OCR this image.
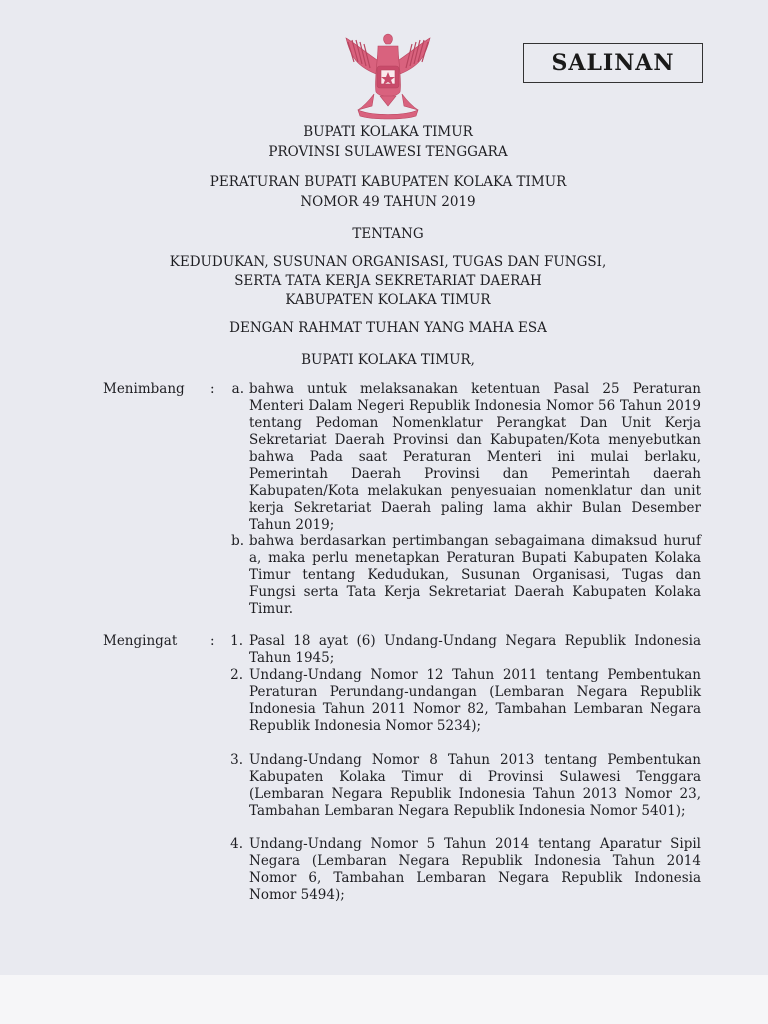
SALINAN
BUPATI KOLAKA TIMUR
PROVINSI SULAWESI TENGGARA
PERATURAN BUPATI KABUPATEN KOLAKA TIMUR
NOMOR 49 TAHUN 2019
TENTANG
KEDUDUKAN, SUSUNAN ORGANISASI, TUGAS DAN FUNGSI,
SERTA TATA KERJA SEKRETARIAT DAERAH
KABUPATEN KOLAKA TIMUR
DENGAN RAHMAT TUHAN YANG MAHA ESA
BUPATI KOLAKA TIMUR,
Menimbang :	a. bahwa untuk melaksanakan ketentuan Pasal 25 Peraturan Menteri Dalam Negeri Republik Indonesia Nomor 56 Tahun 2019 tentang Pedoman Nomenklatur Perangkat Dan Unit Kerja Sekretariat Daerah Provinsi dan Kabupaten/Kota menyebutkan bahwa Pada saat Peraturan Menteri ini mulai berlaku, Pemerintah Daerah Provinsi dan Pemerintah daerah Kabupaten/Kota melakukan penyesuaian nomenklatur dan unit kerja Sekretariat Daerah paling lama akhir Bulan Desember Tahun 2019;
b. bahwa berdasarkan pertimbangan sebagaimana dimaksud huruf a, maka perlu menetapkan Peraturan Bupati Kabupaten Kolaka Timur tentang Kedudukan, Susunan Organisasi, Tugas dan Fungsi serta Tata Kerja Sekretariat Daerah Kabupaten Kolaka Timur.
Mengingat :	1. Pasal 18 ayat (6) Undang-Undang Negara Republik Indonesia Tahun 1945;
2. Undang-Undang Nomor 12 Tahun 2011 tentang Pembentukan Peraturan Perundang-undangan (Lembaran Negara Republik Indonesia Tahun 2011 Nomor 82, Tambahan Lembaran Negara Republik Indonesia Nomor 5234);
3. Undang-Undang Nomor 8 Tahun 2013 tentang Pembentukan Kabupaten Kolaka Timur di Provinsi Sulawesi Tenggara (Lembaran Negara Republik Indonesia Tahun 2013 Nomor 23, Tambahan Lembaran Negara Republik Indonesia Nomor 5401);
4. Undang-Undang Nomor 5 Tahun 2014 tentang Aparatur Sipil Negara (Lembaran Negara Republik Indonesia Tahun 2014 Nomor 6, Tambahan Lembaran Negara Republik Indonesia Nomor 5494);
